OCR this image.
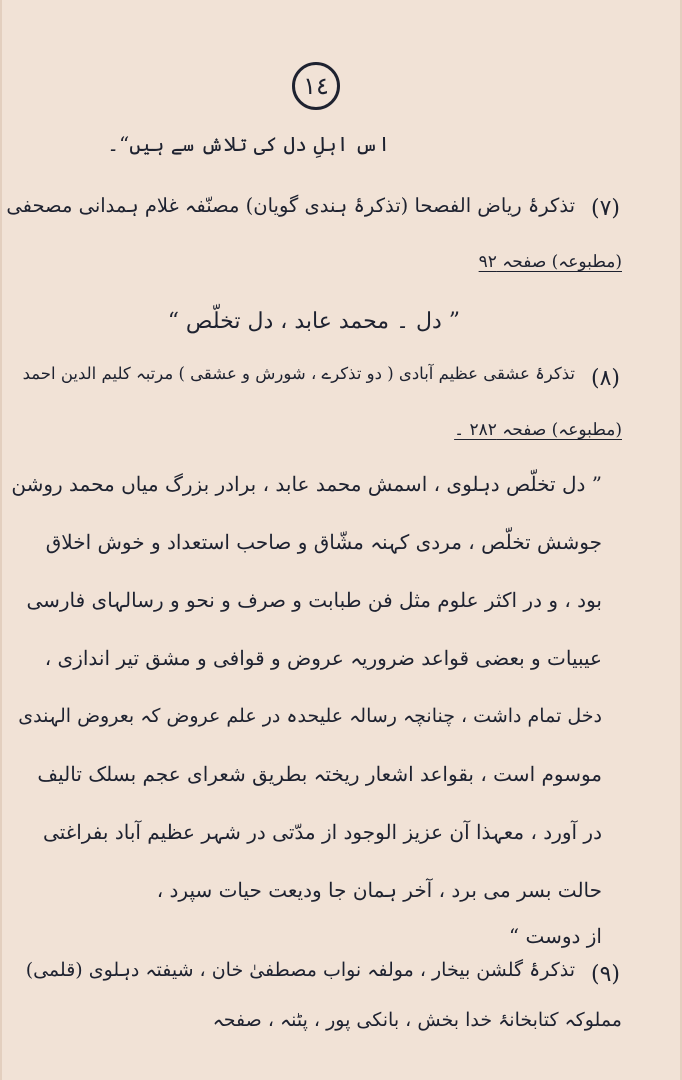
١٤
اس اہلِ دل کی تلاش سے ہیں“۔
(۷)
تذکرۂ ریاض الفصحا (تذکرۂ ہندی گویان) مصنّفہ غلام ہمدانی مصحفی
(مطبوعہ) صفحہ ۹۲
” دل ۔ محمد عابد ، دل تخلّص “
(۸)
تذکرۂ عشقی عظیم آبادی ( دو تذکرے ، شورش و عشقی ) مرتبہ کلیم الدین احمد
(مطبوعہ) صفحہ ۲۸۲ ۔
” دل تخلّص دہلوی ، اسمش محمد عابد ، برادر بزرگ میاں محمد روشن
جوشش تخلّص ، مردی کہنہ مشّاق و صاحب استعداد و خوش اخلاق
بود ، و در اکثر علوم مثل فن طبابت و صرف و نحو و رسالہای فارسی
عیبیات و بعضی قواعد ضروریہ عروض و قوافی و مشق تیر اندازی ،
دخل تمام داشت ، چنانچہ رسالہ علیحدہ در علم عروض کہ بعروض الہندی
موسوم است ، بقواعد اشعار ریختہ بطریق شعرای عجم بسلک تالیف
در آورد ، معہذا آن عزیز الوجود از مدّتی در شہر عظیم آباد بفراغتی
حالت بسر می برد ، آخر ہمان جا ودیعت حیات سپرد ،
از دوست “
(۹)
تذکرۂ گلشن بیخار ، مولفہ نواب مصطفیٰ خان ، شیفتہ دہلوی (قلمی)
مملوکہ کتابخانۂ خدا بخش ، بانکی پور ، پٹنہ ، صفحہ
